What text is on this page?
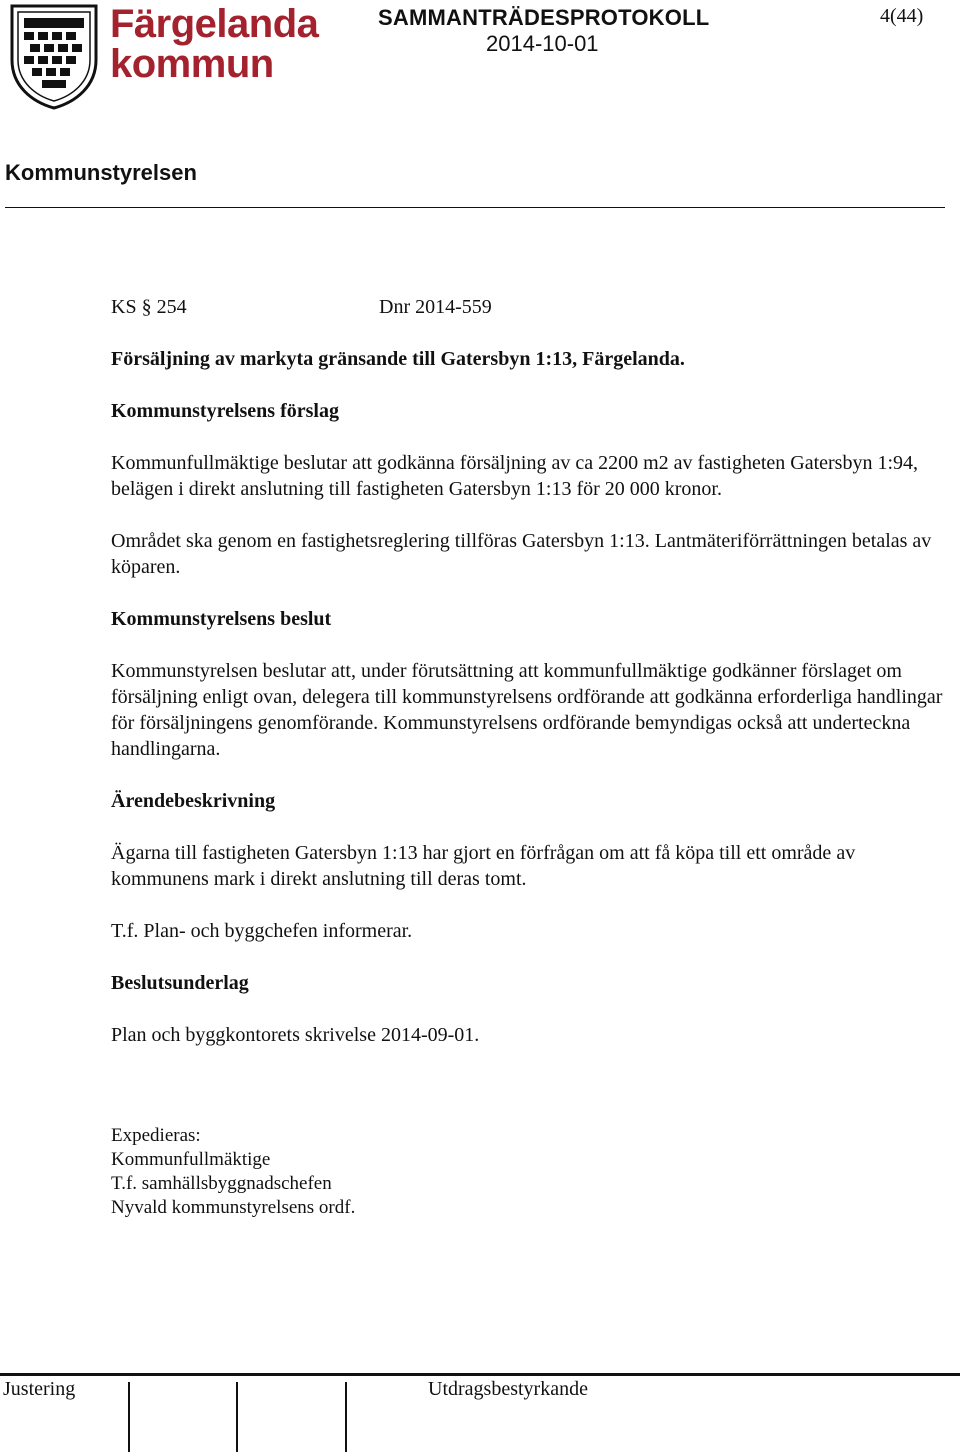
Färgelanda
kommun
SAMMANTRÄDESPROTOKOLL
2014-10-01
4(44)
Kommunstyrelsen
KS § 254	Dnr 2014-559
Försäljning av markyta gränsande till Gatersbyn 1:13, Färgelanda.
Kommunstyrelsens förslag
Kommunfullmäktige beslutar att godkänna försäljning av ca 2200 m2 av fastigheten Gatersbyn 1:94, belägen i direkt anslutning till fastigheten Gatersbyn 1:13 för 20 000 kronor.
Området ska genom en fastighetsreglering tillföras Gatersbyn 1:13. Lantmäteriförrättningen betalas av köparen.
Kommunstyrelsens beslut
Kommunstyrelsen beslutar att, under förutsättning att kommunfullmäktige godkänner förslaget om försäljning enligt ovan, delegera till kommunstyrelsens ordförande att godkänna erforderliga handlingar för försäljningens genomförande. Kommunstyrelsens ordförande bemyndigas också att underteckna handlingarna.
Ärendebeskrivning
Ägarna till fastigheten Gatersbyn 1:13 har gjort en förfrågan om att få köpa till ett område av kommunens mark i direkt anslutning till deras tomt.
T.f. Plan- och byggchefen informerar.
Beslutsunderlag
Plan och byggkontorets skrivelse 2014-09-01.
Expedieras:
Kommunfullmäktige
T.f. samhällsbyggnadschefen
Nyvald kommunstyrelsens ordf.
Justering	Utdragsbestyrkande
